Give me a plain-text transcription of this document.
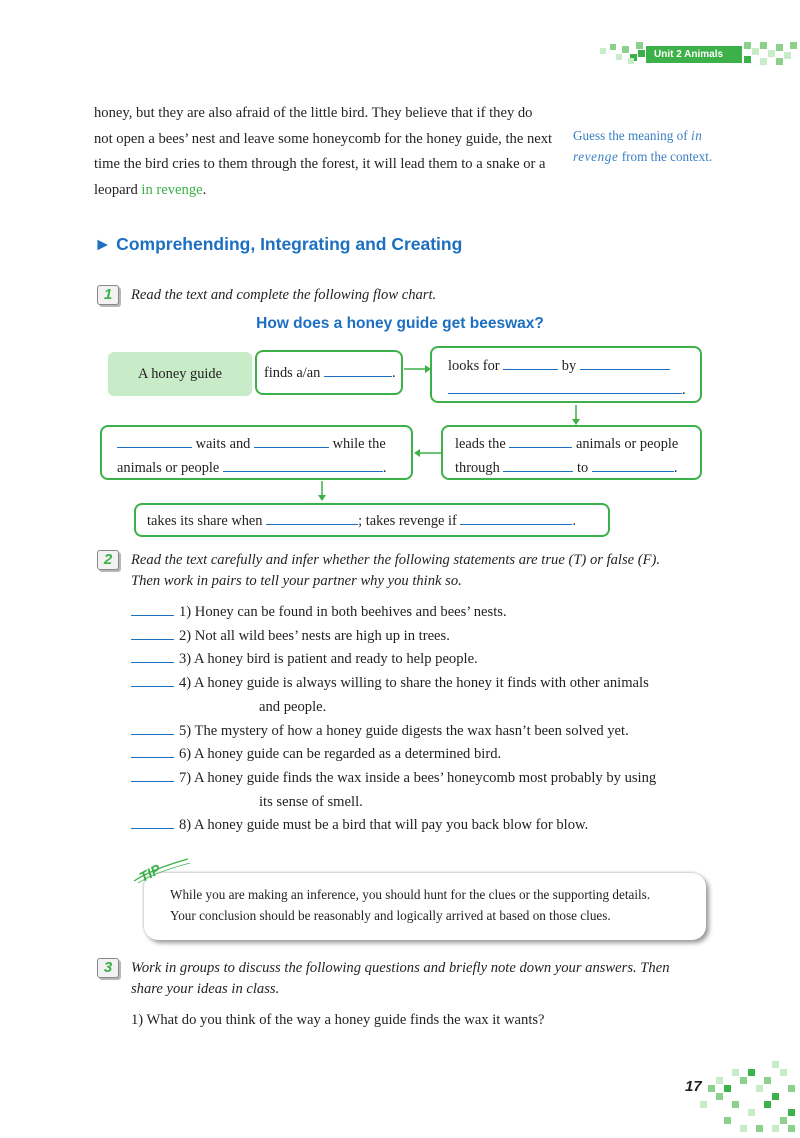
Unit 2 Animals

honey, but they are also afraid of the little bird. They believe that if they do not open a bees’ nest and leave some honeycomb for the honey guide, the next time the bird cries to them through the forest, it will lead them to a snake or a leopard in revenge.

Guess the meaning of in revenge from the context.

► Comprehending, Integrating and Creating
1	Read the text and complete the following flow chart.
How does a honey guide get beeswax?
A honey guide	finds a/an	.	looks for	by
.
leads the	animals or people
through	to	.
waits and	while the
animals or people	.
takes its share when	; takes revenge if	.
2	Read the text carefully and infer whether the following statements are true (T) or false (F).
Then work in pairs to tell your partner why you think so.
1) Honey can be found in both beehives and bees’ nests.
2) Not all wild bees’ nests are high up in trees.
3) A honey bird is patient and ready to help people.
4) A honey guide is always willing to share the honey it finds with other animals
and people.
5) The mystery of how a honey guide digests the wax hasn’t been solved yet.
6) A honey guide can be regarded as a determined bird.
7) A honey guide finds the wax inside a bees’ honeycomb most probably by using
its sense of smell.
8) A honey guide must be a bird that will pay you back blow for blow.
While you are making an inference, you should hunt for the clues or the supporting details.
Your conclusion should be reasonably and logically arrived at based on those clues.
TIP
3	Work in groups to discuss the following questions and briefly note down your answers. Then
share your ideas in class.
1) What do you think of the way a honey guide finds the wax it wants?
17
